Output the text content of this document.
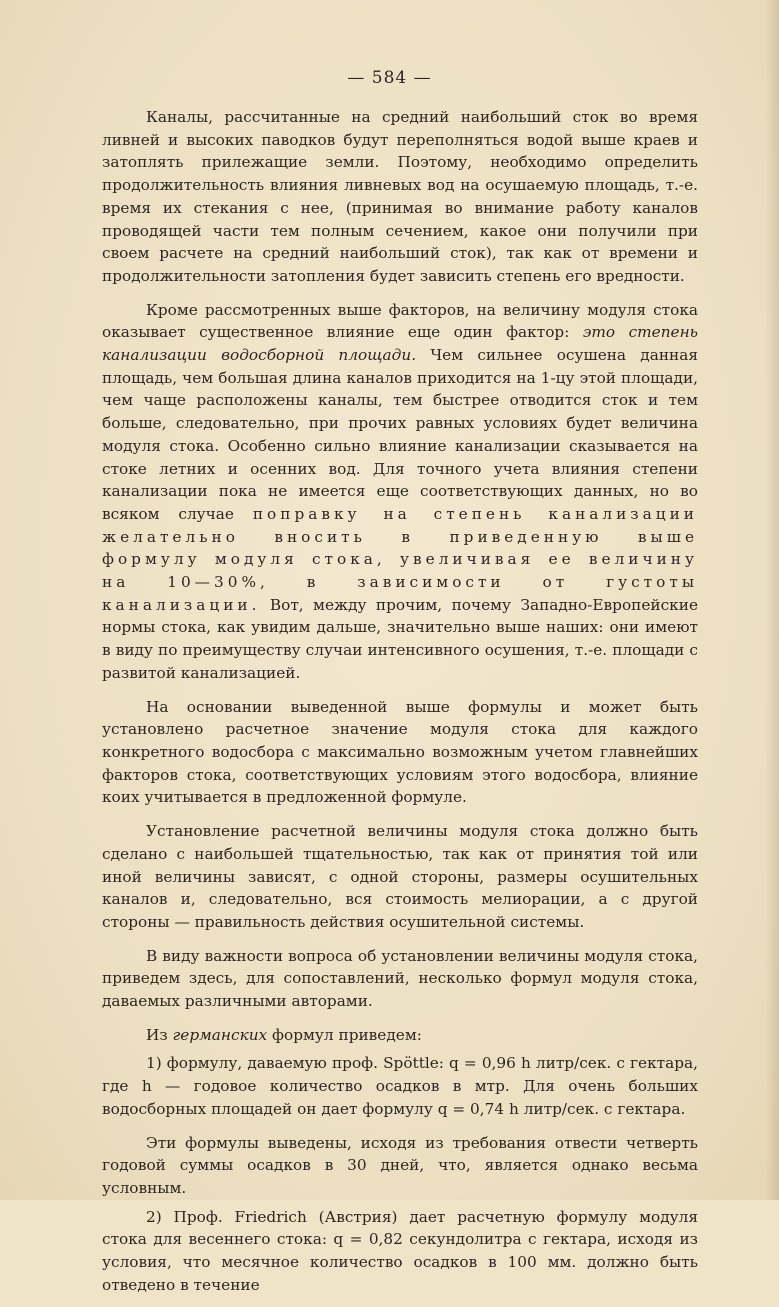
— 584 —

Каналы, рассчитанные на средний наибольший сток во время ливней и высоких паводков будут переполняться водой выше краев и затоплять прилежащие земли. Поэтому, необходимо определить продолжительность влияния ливневых вод на осушаемую площадь, т.-е. время их стекания с нее, (принимая во внимание работу каналов проводящей части тем полным сечением, какое они получили при своем расчете на средний наибольший сток), так как от времени и продолжительности затопления будет зависить степень его вредности.

Кроме рассмотренных выше факторов, на величину модуля стока оказывает существенное влияние еще один фактор: это степень канализации водосборной площади. Чем сильнее осушена данная площадь, чем большая длина каналов приходится на 1-цу этой площади, чем чаще расположены каналы, тем быстрее отводится сток и тем больше, следовательно, при прочих равных условиях будет величина модуля стока. Особенно сильно влияние канализации сказывается на стоке летних и осенних вод. Для точного учета влияния степени канализации пока не имеется еще соответствующих данных, но во всяком случае поправку на степень канализации желательно вносить в приведенную выше формулу модуля стока, увеличивая ее величину на 10—30%, в зависимости от густоты канализации. Вот, между прочим, почему Западно-Европейские нормы стока, как увидим дальше, значительно выше наших: они имеют в виду по преимуществу случаи интенсивного осушения, т.-е. площади с развитой канализацией.

На основании выведенной выше формулы и может быть установлено расчетное значение модуля стока для каждого конкретного водосбора с максимально возможным учетом главнейших факторов стока, соответствующих условиям этого водосбора, влияние коих учитывается в предложенной формуле.

Установление расчетной величины модуля стока должно быть сделано с наибольшей тщательностью, так как от принятия той или иной величины зависят, с одной стороны, размеры осушительных каналов и, следовательно, вся стоимость мелиорации, а с другой стороны — правильность действия осушительной системы.

В виду важности вопроса об установлении величины модуля стока, приведем здесь, для сопоставлений, несколько формул модуля стока, даваемых различными авторами.

Из германских формул приведем:

1) формулу, даваемую проф. Spöttle: q = 0,96 h литр/сек. с гектара, где h — годовое количество осадков в мтр. Для очень больших водосборных площадей он дает формулу q = 0,74 h литр/сек. с гектара.

Эти формулы выведены, исходя из требования отвести четверть годовой суммы осадков в 30 дней, что, является однако весьма условным.

2) Проф. Friedrich (Австрия) дает расчетную формулу модуля стока для весеннего стока: q = 0,82 секундолитра с гектара, исходя из условия, что месячное количество осадков в 100 мм. должно быть отведено в течение
